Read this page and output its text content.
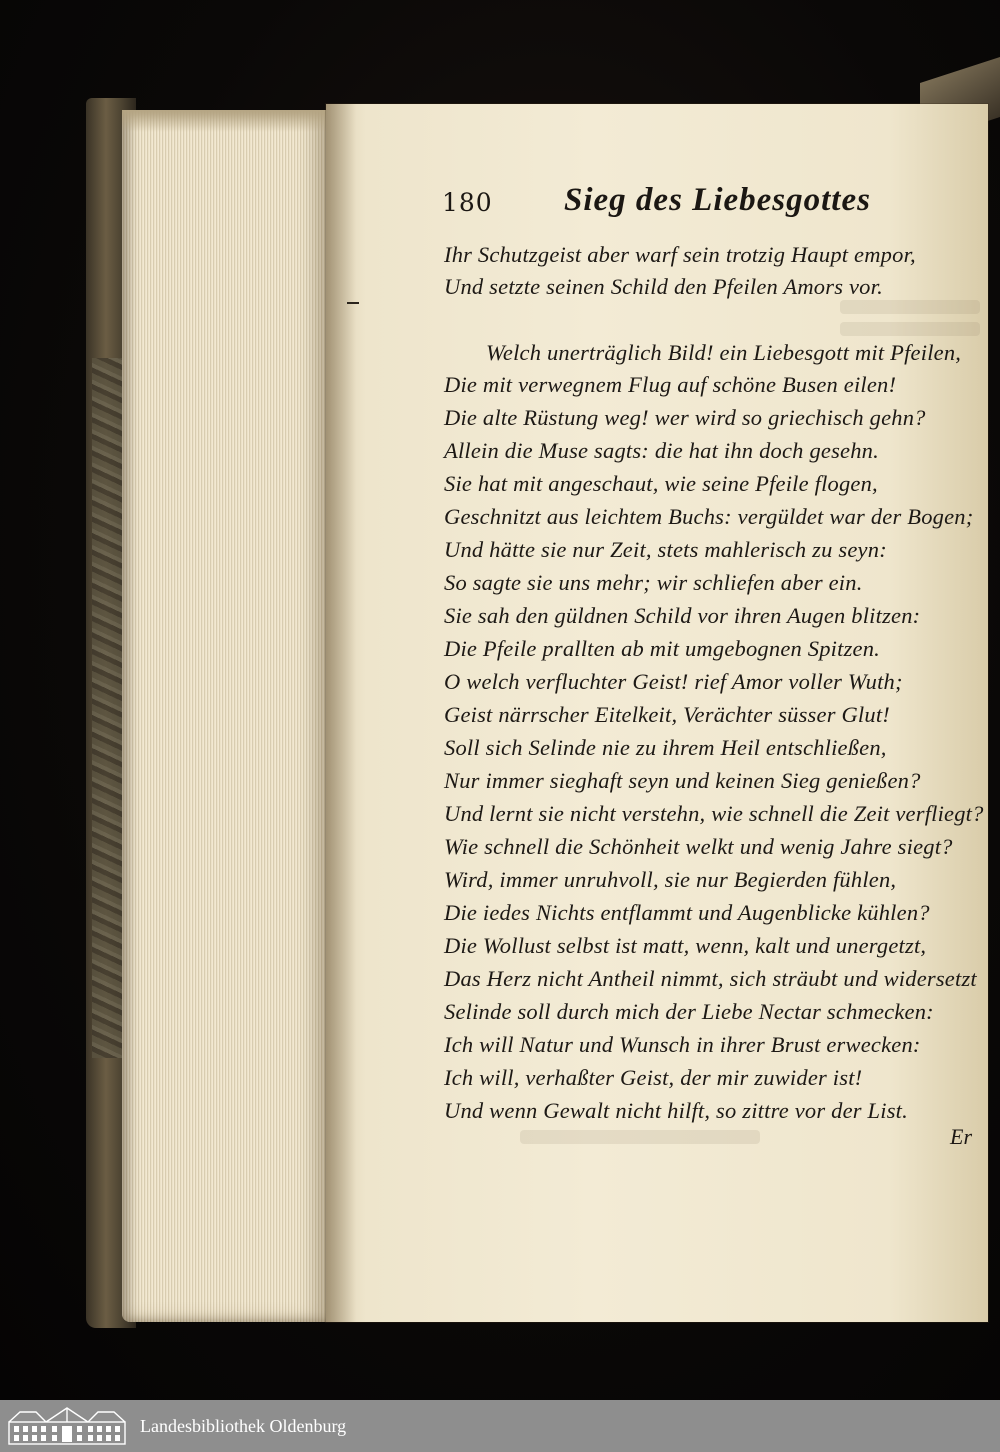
180 Sieg des Liebesgottes
Ihr Schutzgeist aber warf sein trotzig Haupt empor,
Und setzte seinen Schild den Pfeilen Amors vor.
Welch unerträglich Bild! ein Liebesgott mit Pfeilen,
Die mit verwegnem Flug auf schöne Busen eilen!
Die alte Rüstung weg! wer wird so griechisch gehn?
Allein die Muse sagts: die hat ihn doch gesehn.
Sie hat mit angeschaut, wie seine Pfeile flogen,
Geschnitzt aus leichtem Buchs: vergüldet war der Bogen;
Und hätte sie nur Zeit, stets mahlerisch zu seyn:
So sagte sie uns mehr; wir schliefen aber ein.
Sie sah den güldnen Schild vor ihren Augen blitzen:
Die Pfeile prallten ab mit umgebognen Spitzen.
O welch verfluchter Geist! rief Amor voller Wuth;
Geist närrscher Eitelkeit, Verächter süsser Glut!
Soll sich Selinde nie zu ihrem Heil entschließen,
Nur immer sieghaft seyn und keinen Sieg genießen?
Und lernt sie nicht verstehn, wie schnell die Zeit verfliegt?
Wie schnell die Schönheit welkt und wenig Jahre siegt?
Wird, immer unruhvoll, sie nur Begierden fühlen,
Die iedes Nichts entflammt und Augenblicke kühlen?
Die Wollust selbst ist matt, wenn, kalt und unergetzt,
Das Herz nicht Antheil nimmt, sich sträubt und widersetzt
Selinde soll durch mich der Liebe Nectar schmecken:
Ich will Natur und Wunsch in ihrer Brust erwecken:
Ich will, verhaßter Geist, der mir zuwider ist!
Und wenn Gewalt nicht hilft, so zittre vor der List.
Er
Landesbibliothek Oldenburg
